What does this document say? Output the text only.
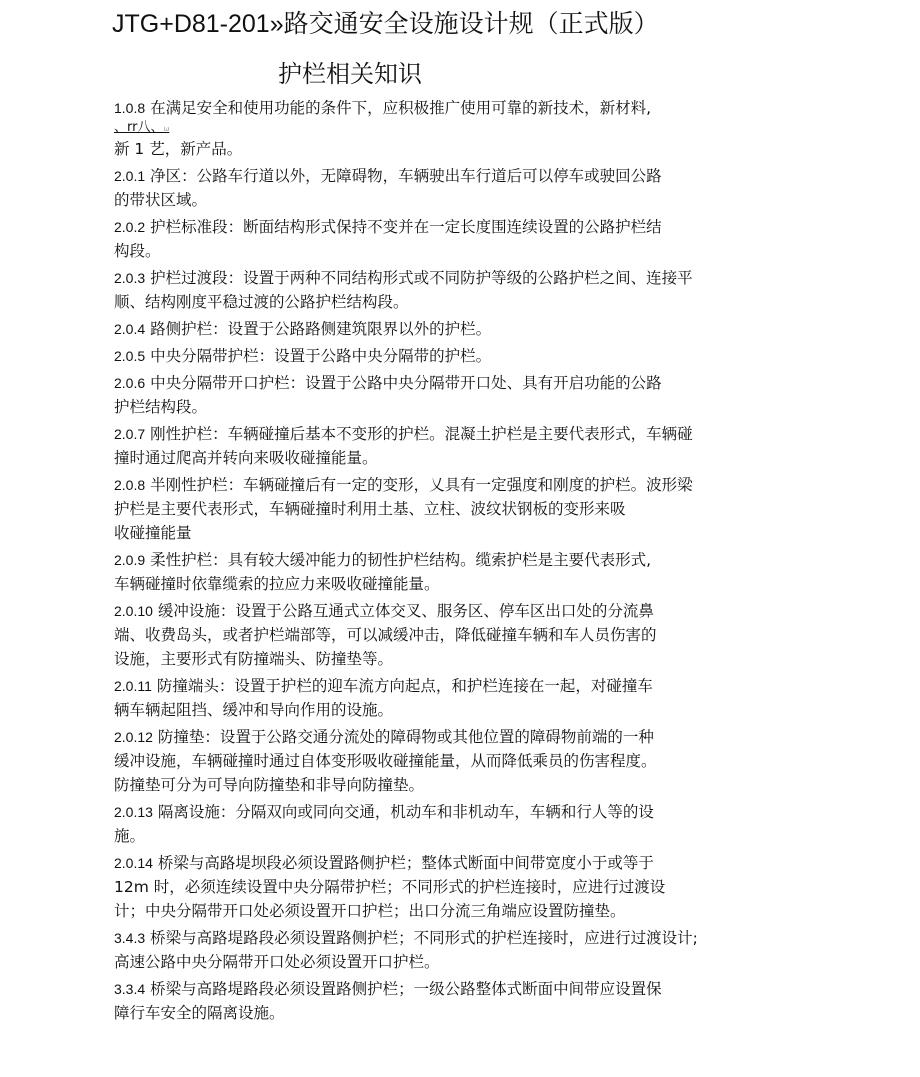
JTG+D81-201»路交通安全设施设计规（正式版）
护栏相关知识
1.0.8 在满足安全和使用功能的条件下，应积极推广使用可靠的新技术，新材料,
、rr八、ω
新 1 艺，新产品。
2.0.1 净区：公路车行道以外，无障碍物，车辆驶出车行道后可以停车或驶回公路
的带状区域。
2.0.2 护栏标准段：断面结构形式保持不变并在一定长度围连续设置的公路护栏结
构段。
2.0.3 护栏过渡段：设置于两种不同结构形式或不同防护等级的公路护栏之间、连接平
顺、结构刚度平稳过渡的公路护栏结构段。
2.0.4 路侧护栏：设置于公路路侧建筑限界以外的护栏。
2.0.5 中央分隔带护栏：设置于公路中央分隔带的护栏。
2.0.6 中央分隔带开口护栏：设置于公路中央分隔带开口处、具有开启功能的公路
护栏结构段。
2.0.7 刚性护栏：车辆碰撞后基本不变形的护栏。混凝土护栏是主要代表形式，车辆碰
撞时通过爬高并转向来吸收碰撞能量。
2.0.8 半刚性护栏：车辆碰撞后有一定的变形，乂具有一定强度和刚度的护栏。波形梁
护栏是主要代表形式，车辆碰撞时利用土基、立柱、波纹状钢板的变形来吸
收碰撞能量
2.0.9 柔性护栏：具有较大缓冲能力的韧性护栏结构。缆索护栏是主要代表形式,
车辆碰撞时依靠缆索的拉应力来吸收碰撞能量。
2.0.10 缓冲设施：设置于公路互通式立体交叉、服务区、停车区出口处的分流鼻
端、收费岛头，或者护栏端部等，可以减缓冲击，降低碰撞车辆和车人员伤害的
设施，主要形式有防撞端头、防撞垫等。
2.0.11 防撞端头：设置于护栏的迎车流方向起点，和护栏连接在一起，对碰撞车
辆车辆起阻挡、缓冲和导向作用的设施。
2.0.12 防撞垫：设置于公路交通分流处的障碍物或其他位置的障碍物前端的一种
缓冲设施，车辆碰撞时通过自体变形吸收碰撞能量，从而降低乘员的伤害程度。
防撞垫可分为可导向防撞垫和非导向防撞垫。
2.0.13 隔离设施：分隔双向或同向交通，机动车和非机动车，车辆和行人等的设
施。
2.0.14 桥梁与高路堤坝段必须设置路侧护栏；整体式断面中间带宽度小于或等于
12m 时，必须连续设置中央分隔带护栏；不同形式的护栏连接时，应进行过渡设
计；中央分隔带开口处必须设置开口护栏；出口分流三角端应设置防撞垫。
3.4.3 桥梁与高路堤路段必须设置路侧护栏；不同形式的护栏连接时，应进行过渡设计;
高速公路中央分隔带开口处必须设置开口护栏。
3.3.4 桥梁与高路堤路段必须设置路侧护栏；一级公路整体式断面中间带应设置保
障行车安全的隔离设施。
